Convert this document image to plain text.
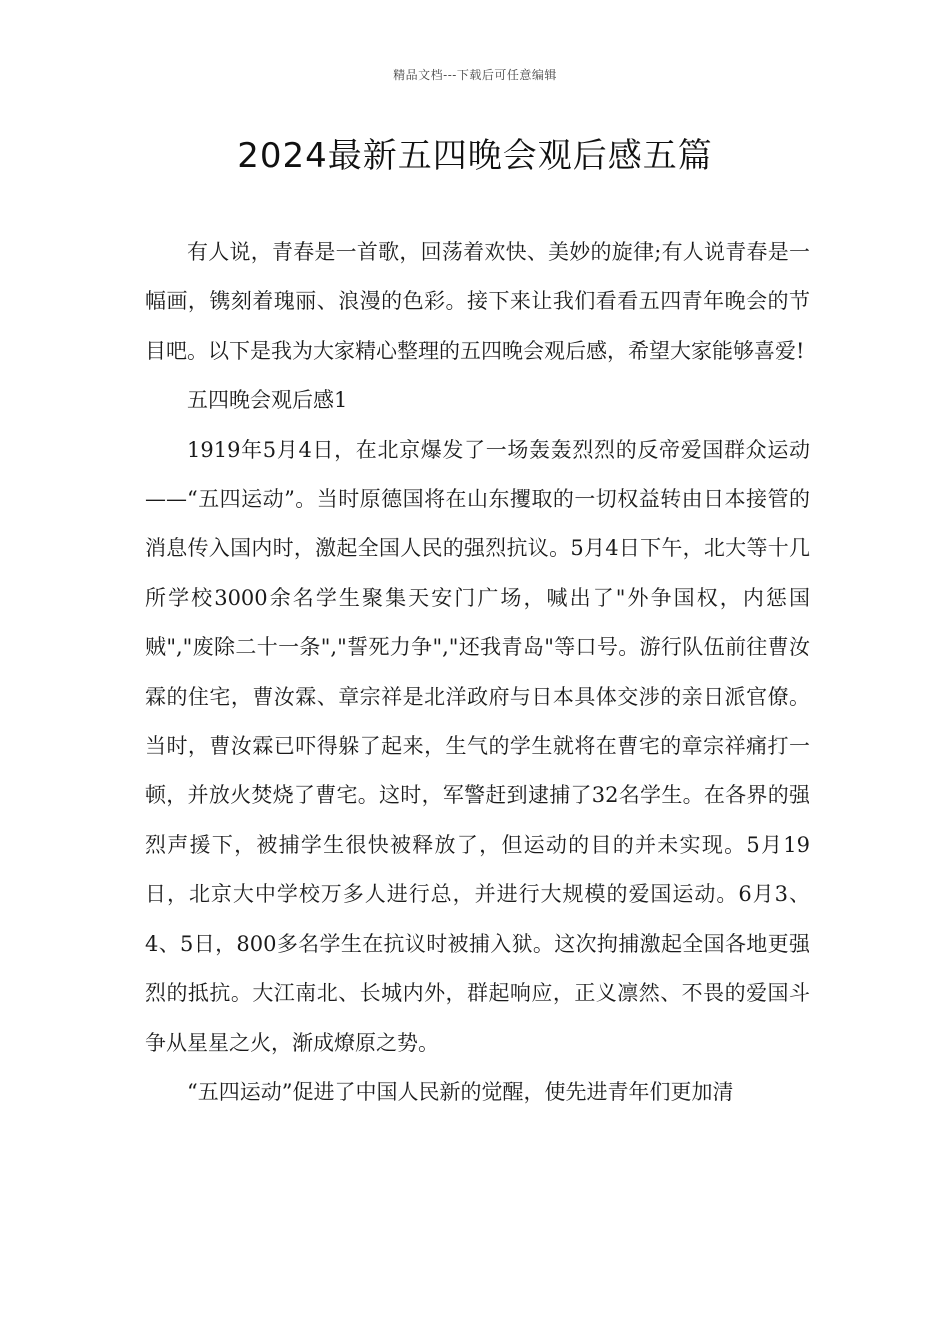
精品文档---下载后可任意编辑
2024最新五四晚会观后感五篇

有人说，青春是一首歌，回荡着欢快、美妙的旋律;有人说青春是一幅画，镌刻着瑰丽、浪漫的色彩。接下来让我们看看五四青年晚会的节目吧。以下是我为大家精心整理的五四晚会观后感，希望大家能够喜爱!

五四晚会观后感1

1919年5月4日，在北京爆发了一场轰轰烈烈的反帝爱国群众运动——“五四运动”。当时原德国将在山东攫取的一切权益转由日本接管的消息传入国内时，激起全国人民的强烈抗议。5月4日下午，北大等十几所学校3000余名学生聚集天安门广场，喊出了"外争国权，内惩国贼","废除二十一条","誓死力争","还我青岛"等口号。游行队伍前往曹汝霖的住宅，曹汝霖、章宗祥是北洋政府与日本具体交涉的亲日派官僚。当时，曹汝霖已吓得躲了起来，生气的学生就将在曹宅的章宗祥痛打一顿，并放火焚烧了曹宅。这时，军警赶到逮捕了32名学生。在各界的强烈声援下，被捕学生很快被释放了，但运动的目的并未实现。5月19日，北京大中学校万多人进行总，并进行大规模的爱国运动。6月3、4、5日，800多名学生在抗议时被捕入狱。这次拘捕激起全国各地更强烈的抵抗。大江南北、长城内外，群起响应，正义凛然、不畏的爱国斗争从星星之火，渐成燎原之势。

“五四运动”促进了中国人民新的觉醒，使先进青年们更加清
